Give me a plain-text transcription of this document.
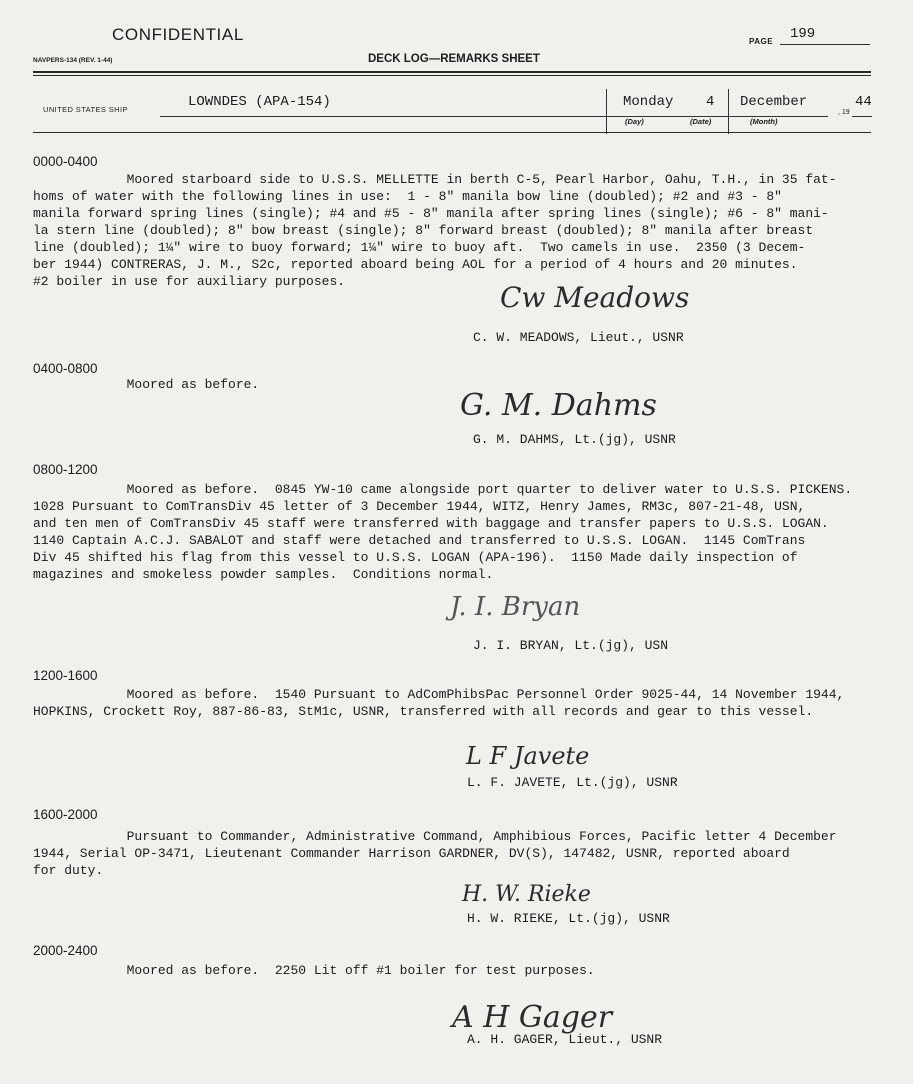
CONFIDENTIAL	PAGE 199
NAVPERS-134 (REV. 1-44)	DECK LOG—REMARKS SHEET
UNITED STATES SHIP	LOWNDES (APA-154)	Monday 4 December
, 19
44
(Day)	(Date)	(Month)
0000-0400
Moored starboard side to U.S.S. MELLETTE in berth C-5, Pearl Harbor, Oahu, T.H., in 35 fat-
homs of water with the following lines in use:  1 - 8" manila bow line (doubled); #2 and #3 - 8"
manila forward spring lines (single); #4 and #5 - 8" manila after spring lines (single); #6 - 8" mani-
la stern line (doubled); 8" bow breast (single); 8" forward breast (doubled); 8" manila after breast
line (doubled); 1¼" wire to buoy forward; 1¼" wire to buoy aft.  Two camels in use.  2350 (3 Decem-
ber 1944) CONTRERAS, J. M., S2c, reported aboard being AOL for a period of 4 hours and 20 minutes.
#2 boiler in use for auxiliary purposes.	Cw Meadows
C. W. MEADOWS, Lieut., USNR
0400-0800
Moored as before.
G. M. Dahms
G. M. DAHMS, Lt.(jg), USNR
0800-1200
Moored as before.  0845 YW-10 came alongside port quarter to deliver water to U.S.S. PICKENS.
1028 Pursuant to ComTransDiv 45 letter of 3 December 1944, WITZ, Henry James, RM3c, 807-21-48, USN,
and ten men of ComTransDiv 45 staff were transferred with baggage and transfer papers to U.S.S. LOGAN.
1140 Captain A.C.J. SABALOT and staff were detached and transferred to U.S.S. LOGAN.  1145 ComTrans
Div 45 shifted his flag from this vessel to U.S.S. LOGAN (APA-196).  1150 Made daily inspection of
magazines and smokeless powder samples.  Conditions normal.
J. I. Bryan
J. I. BRYAN, Lt.(jg), USN
1200-1600
Moored as before.  1540 Pursuant to AdComPhibsPac Personnel Order 9025-44, 14 November 1944,
HOPKINS, Crockett Roy, 887-86-83, StM1c, USNR, transferred with all records and gear to this vessel.
L F Javete
L. F. JAVETE, Lt.(jg), USNR
1600-2000
Pursuant to Commander, Administrative Command, Amphibious Forces, Pacific letter 4 December
1944, Serial OP-3471, Lieutenant Commander Harrison GARDNER, DV(S), 147482, USNR, reported aboard
for duty.
H. W. Rieke
H. W. RIEKE, Lt.(jg), USNR
2000-2400
Moored as before.  2250 Lit off #1 boiler for test purposes.
A H Gager
A. H. GAGER, Lieut., USNR
